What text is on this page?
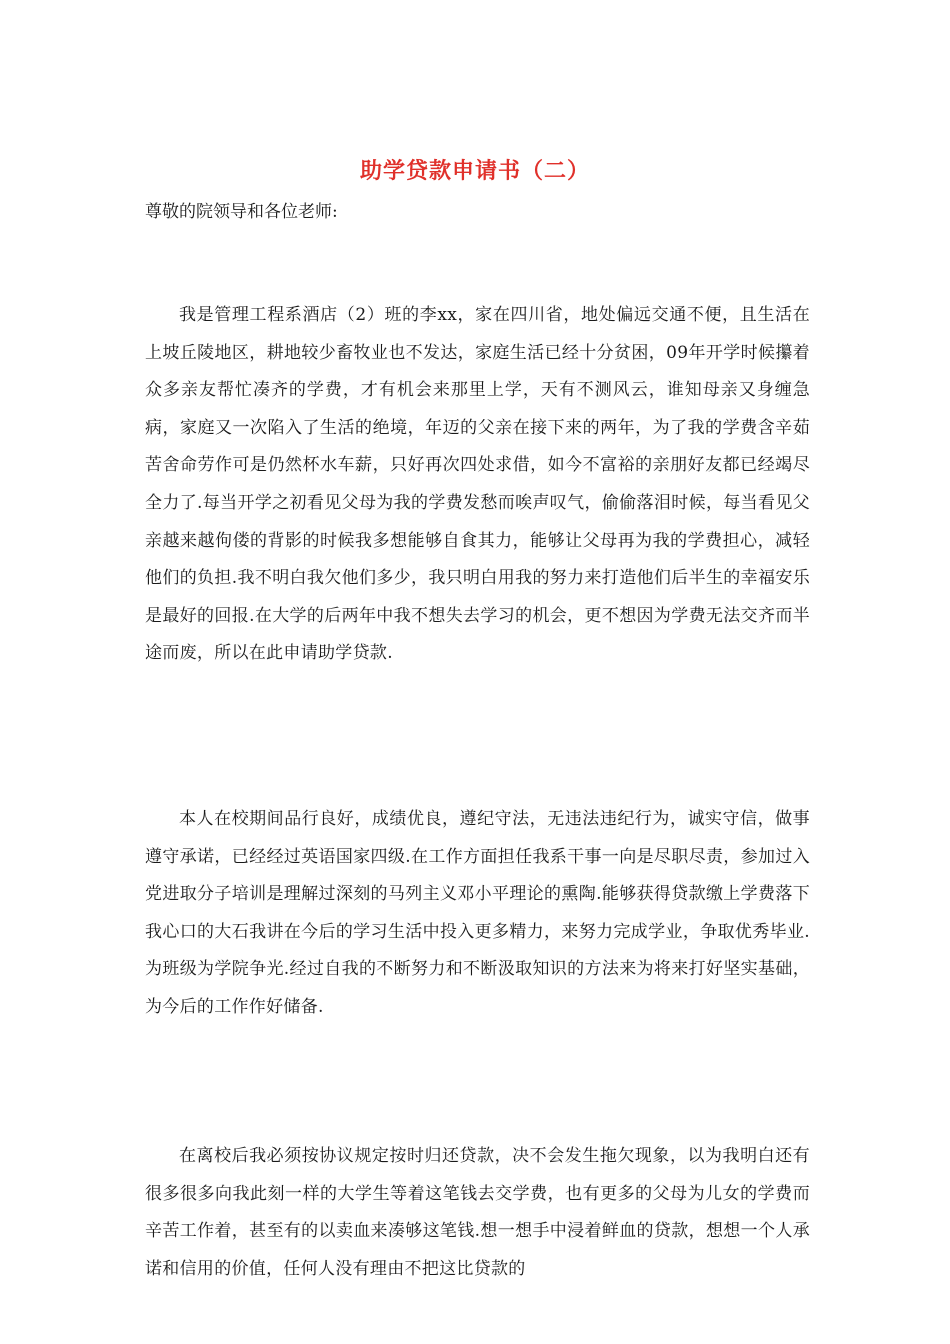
助学贷款申请书（二）

尊敬的院领导和各位老师:

我是管理工程系酒店（2）班的李xx，家在四川省，地处偏远交通不便，且生活在上坡丘陵地区，耕地较少畜牧业也不发达，家庭生活已经十分贫困，09年开学时候攥着众多亲友帮忙凑齐的学费，才有机会来那里上学，天有不测风云，谁知母亲又身缠急病，家庭又一次陷入了生活的绝境，年迈的父亲在接下来的两年，为了我的学费含辛茹苦舍命劳作可是仍然杯水车薪，只好再次四处求借，如今不富裕的亲朋好友都已经竭尽全力了.每当开学之初看见父母为我的学费发愁而唉声叹气，偷偷落泪时候，每当看见父亲越来越佝偻的背影的时候我多想能够自食其力，能够让父母再为我的学费担心，减轻他们的负担.我不明白我欠他们多少，我只明白用我的努力来打造他们后半生的幸福安乐是最好的回报.在大学的后两年中我不想失去学习的机会，更不想因为学费无法交齐而半途而废，所以在此申请助学贷款.

本人在校期间品行良好，成绩优良，遵纪守法，无违法违纪行为，诚实守信，做事遵守承诺，已经经过英语国家四级.在工作方面担任我系干事一向是尽职尽责，参加过入党进取分子培训是理解过深刻的马列主义邓小平理论的熏陶.能够获得贷款缴上学费落下我心口的大石我讲在今后的学习生活中投入更多精力，来努力完成学业，争取优秀毕业.为班级为学院争光.经过自我的不断努力和不断汲取知识的方法来为将来打好坚实基础，为今后的工作作好储备.

在离校后我必须按协议规定按时归还贷款，决不会发生拖欠现象，以为我明白还有很多很多向我此刻一样的大学生等着这笔钱去交学费，也有更多的父母为儿女的学费而辛苦工作着，甚至有的以卖血来凑够这笔钱.想一想手中浸着鲜血的贷款，想想一个人承诺和信用的价值，任何人没有理由不把这比贷款的
